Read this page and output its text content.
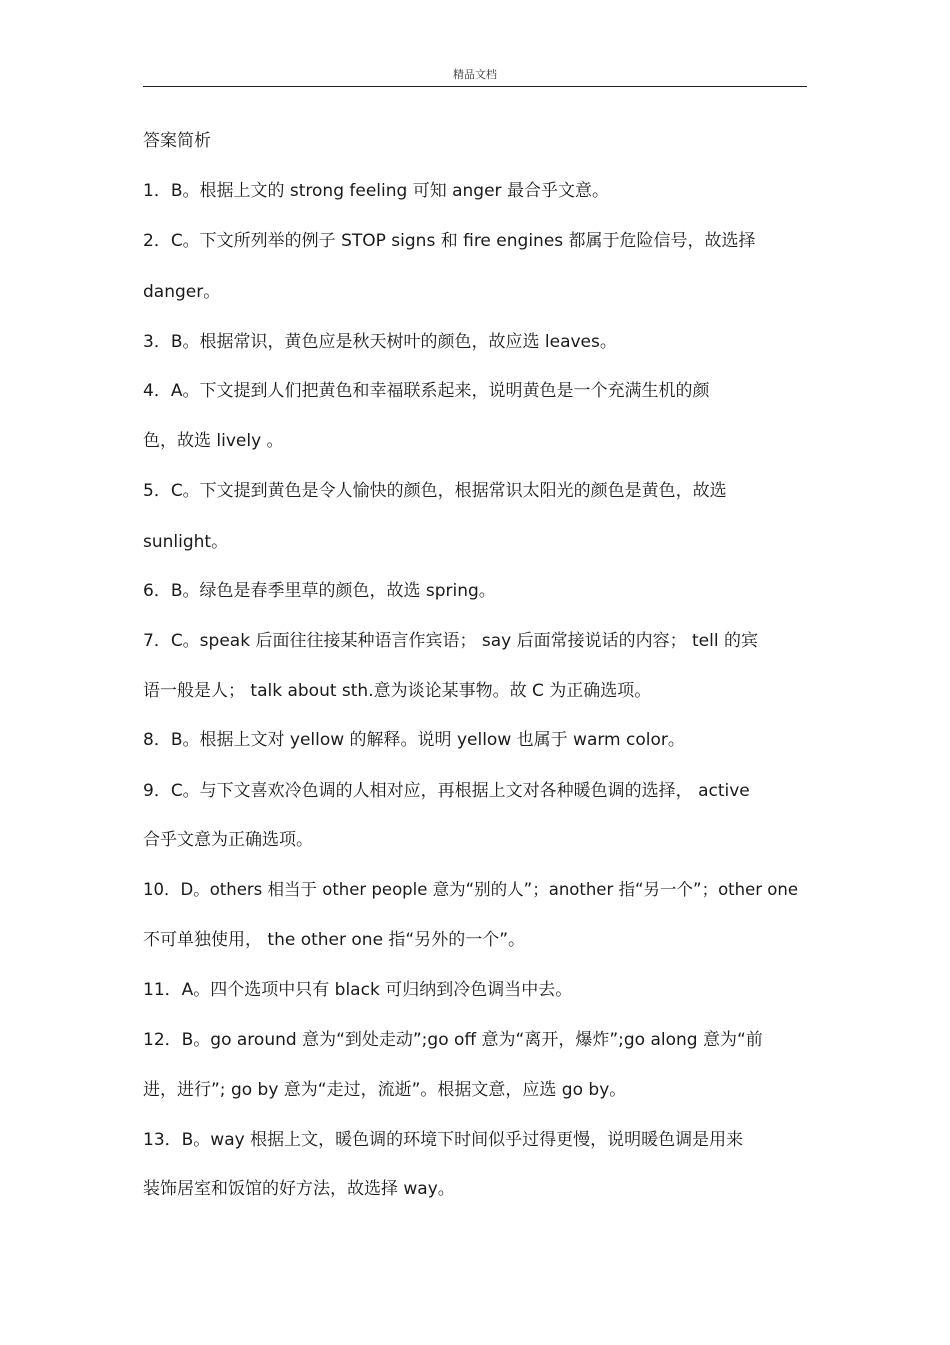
精品文档
答案简析
1．B。根据上文的 strong feeling 可知 anger 最合乎文意。
2．C。下文所列举的例子 STOP signs 和 fire engines 都属于危险信号，故选择
danger。
3．B。根据常识，黄色应是秋天树叶的颜色，故应选 leaves。
4．A。下文提到人们把黄色和幸福联系起来，说明黄色是一个充满生机的颜
色，故选 lively 。
5．C。下文提到黄色是令人愉快的颜色，根据常识太阳光的颜色是黄色，故选
sunlight。
6．B。绿色是春季里草的颜色，故选 spring。
7．C。speak 后面往往接某种语言作宾语； say 后面常接说话的内容； tell 的宾
语一般是人； talk about sth.意为谈论某事物。故 C 为正确选项。
8．B。根据上文对 yellow 的解释。说明 yellow 也属于 warm color。
9．C。与下文喜欢冷色调的人相对应，再根据上文对各种暖色调的选择， active
合乎文意为正确选项。
10．D。others 相当于 other people 意为“别的人”；another 指“另一个”；other one
不可单独使用， the other one 指“另外的一个”。
11．A。四个选项中只有 black 可归纳到冷色调当中去。
12．B。go around 意为“到处走动”;go off 意为“离开，爆炸”;go along 意为“前
进，进行”; go by 意为“走过，流逝”。根据文意，应选 go by。
13．B。way 根据上文，暖色调的环境下时间似乎过得更慢，说明暖色调是用来
装饰居室和饭馆的好方法，故选择 way。
